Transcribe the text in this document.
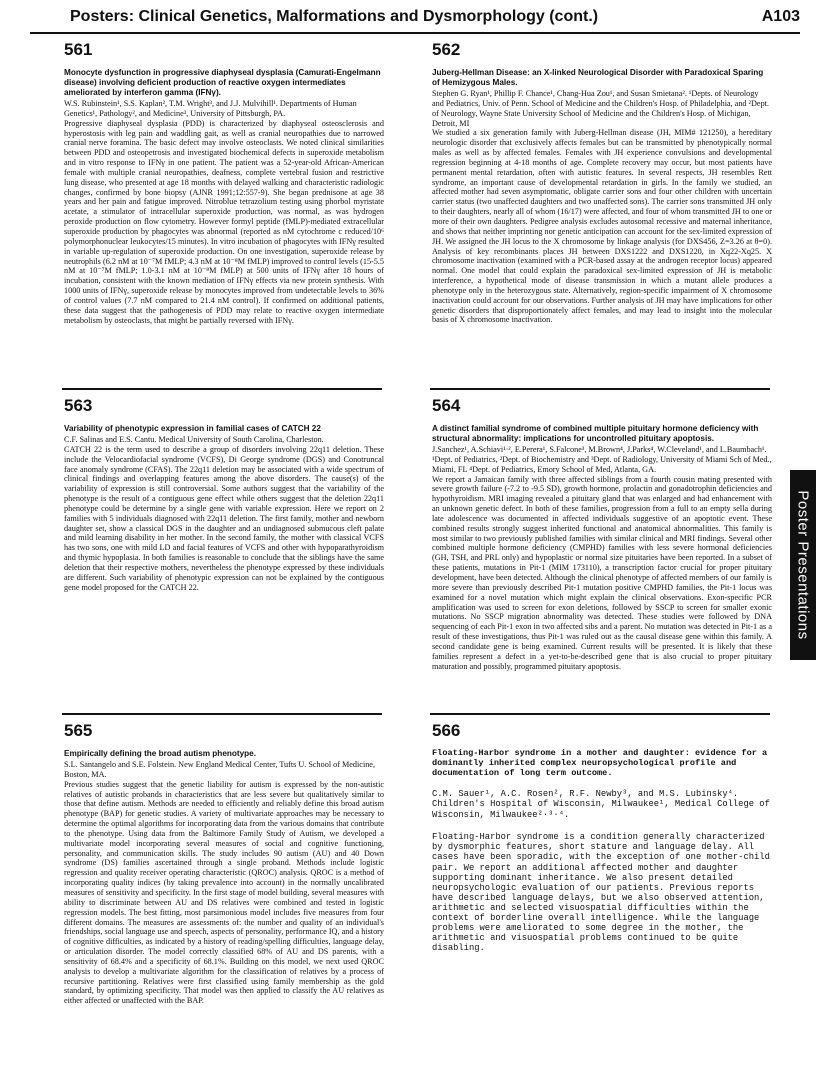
Posters: Clinical Genetics, Malformations and Dysmorphology (cont.)	A103
Poster Presentations
561

Monocyte dysfunction in progressive diaphyseal dysplasia (Camurati-Engelmann disease) involving deficient production of reactive oxygen intermediates ameliorated by interferon gamma (IFNγ).

W.S. Rubinstein¹, S.S. Kaplan², T.M. Wright³, and J.J. Mulvihill¹. Departments of Human Genetics¹, Pathology², and Medicine³, University of Pittsburgh, PA.

Progressive diaphyseal dysplasia (PDD) is characterized by diaphyseal osteosclerosis and hyperostosis with leg pain and waddling gait, as well as cranial neuropathies due to narrowed cranial nerve foramina. The basic defect may involve osteoclasts. We noted clinical similarities between PDD and osteopetrosis and investigated biochemical defects in superoxide metabolism and in vitro response to IFNγ in one patient. The patient was a 52-year-old African-American female with multiple cranial neuropathies, deafness, complete vertebral fusion and restrictive lung disease, who presented at age 18 months with delayed walking and characteristic radiologic changes, confirmed by bone biopsy (AJNR 1991;12:557-9). She began prednisone at age 38 years and her pain and fatigue improved. Nitroblue tetrazolium testing using phorbol myristate acetate, a stimulator of intracellular superoxide production, was normal, as was hydrogen peroxide production on flow cytometry. However formyl peptide (fMLP)-mediated extracellular superoxide production by phagocytes was abnormal (reported as nM cytochrome c reduced/10⁶ polymorphonuclear leukocytes/15 minutes). In vitro incubation of phagocytes with IFNγ resulted in variable up-regulation of superoxide production. On one investigation, superoxide release by neutrophils (6.2 nM at 10⁻⁷M fMLP; 4.3 nM at 10⁻⁸M fMLP) improved to control levels (15-5.5 nM at 10⁻⁷M fMLP; 1.0-3.1 nM at 10⁻⁸M fMLP) at 500 units of IFNγ after 18 hours of incubation, consistent with the known mediation of IFNγ effects via new protein synthesis. With 1000 units of IFNγ, superoxide release by monocytes improved from undetectable levels to 36% of control values (7.7 nM compared to 21.4 nM control). If confirmed on additional patients, these data suggest that the pathogenesis of PDD may relate to reactive oxygen intermediate metabolism by osteoclasts, that might be partially reversed with IFNγ.

562

Juberg-Hellman Disease: an X-linked Neurological Disorder with Paradoxical Sparing of Hemizygous Males.

Stephen G. Ryan¹, Phillip F. Chance¹, Chang-Hua Zou¹, and Susan Smietana². ¹Depts. of Neurology and Pediatrics, Univ. of Penn. School of Medicine and the Children's Hosp. of Philadelphia, and ²Dept. of Neurology, Wayne State University School of Medicine and the Children's Hosp. of Michigan, Detroit, MI

We studied a six generation family with Juberg-Hellman disease (JH, MIM# 121250), a hereditary neurologic disorder that exclusively affects females but can be transmitted by phenotypically normal males as well as by affected females. Females with JH experience convulsions and developmental regression beginning at 4-18 months of age. Complete recovery may occur, but most patients have permanent mental retardation, often with autistic features. In several respects, JH resembles Rett syndrome, an important cause of developmental retardation in girls. In the family we studied, an affected mother had seven asymptomatic, obligate carrier sons and four other children with uncertain carrier status (two unaffected daughters and two unaffected sons). The carrier sons transmitted JH only to their daughters, nearly all of whom (16/17) were affected, and four of whom transmitted JH to one or more of their own daughters. Pedigree analysis excludes autosomal recessive and maternal inheritance, and shows that neither imprinting nor genetic anticipation can account for the sex-limited expression of JH. We assigned the JH locus to the X chromosome by linkage analysis (for DXS456, Z=3.26 at θ=0). Analysis of key recombinants places JH between DXS1222 and DXS1220, in Xq22-Xq25. X chromosome inactivation (examined with a PCR-based assay at the androgen receptor locus) appeared normal. One model that could explain the paradoxical sex-limited expression of JH is metabolic interference, a hypothetical mode of disease transmission in which a mutant allele produces a phenotype only in the heterozygous state. Alternatively, region-specific impairment of X chromosome inactivation could account for our observations. Further analysis of JH may have implications for other genetic disorders that disproportionately affect females, and may lead to insight into the molecular basis of X chromosome inactivation.

563

Variability of phenotypic expression in familial cases of CATCH 22

C.F. Salinas and E.S. Cantu. Medical University of South Carolina, Charleston.

CATCH 22 is the term used to describe a group of disorders involving 22q11 deletion. These include the Velocardiofacial syndrome (VCFS), Di George syndrome (DGS) and Conotruncal face anomaly syndrome (CFAS). The 22q11 deletion may be associated with a wide spectrum of clinical findings and overlapping features among the above disorders. The cause(s) of the variability of expression is still controversial. Some authors suggest that the variability of the phenotype is the result of a contiguous gene effect while others suggest that the deletion 22q11 phenotype could be determine by a single gene with variable expression. Here we report on 2 families with 5 individuals diagnosed with 22q11 deletion. The first family, mother and newborn daughter set, show a classical DGS in the daughter and an undiagnosed submucous cleft palate and mild learning disability in her mother. In the second family, the mother with classical VCFS has two sons, one with mild LD and facial features of VCFS and other with hypoparathyroidism and thymic hypoplasia. In both families is reasonable to conclude that the siblings have the same deletion that their respective mothers, nevertheless the phenotype expressed by these individuals are different. Such variability of phenotypic expression can not be explained by the contiguous gene model proposed for the CATCH 22.

564

A distinct familial syndrome of combined multiple pituitary hormone deficiency with structural abnormality: implications for uncontrolled pituitary apoptosis.

J.Sanchez¹, A.Schiavi¹·², E.Perera¹, S.Falcone³, M.Brown⁴, J.Parks⁴, W.Cleveland¹, and L.Baumbach¹. ¹Dept. of Pediatrics, ²Dept. of Biochemistry and ³Dept. of Radiology, University of Miami Sch of Med., Miami, FL ⁴Dept. of Pediatrics, Emory School of Med, Atlanta, GA.

We report a Jamaican family with three affected siblings from a fourth cousin mating presented with severe growth failure (-7.2 to -9.5 SD), growth hormone, prolactin and gonadotrophin deficiencies and hypothyroidism. MRI imaging revealed a pituitary gland that was enlarged and had enhancement with an unknown genetic defect. In both of these families, progression from a full to an empty sella during late adolescence was documented in affected individuals suggestive of an apoptotic event. These combined results strongly suggest inherited functional and anatomical abnormalities. This family is most similar to two previously published families with similar clinical and MRI findings. Several other combined multiple hormone deficiency (CMPHD) families with less severe hormonal deficiencies (GH, TSH, and PRL only) and hypoplastic or normal size pituitaries have been reported. In a subset of these patients, mutations in Pit-1 (MIM 173110), a transcription factor crucial for proper pituitary development, have been detected. Although the clinical phenotype of affected members of our family is more severe than previously described Pit-1 mutation positive CMPHD families, the Pit-1 locus was examined for a novel mutation which might explain the clinical observations. Exon-specific PCR amplification was used to screen for exon deletions, followed by SSCP to screen for smaller exonic mutations. No SSCP migration abnormality was detected. These studies were followed by DNA sequencing of each Pit-1 exon in two affected sibs and a parent. No mutation was detected in Pit-1 as a result of these investigations, thus Pit-1 was ruled out as the causal disease gene within this family. A second candidate gene is being examined. Current results will be presented. It is likely that these families represent a defect in a yet-to-be-described gene that is also crucial to proper pituitary maturation and possibly, programmed pituitary apoptosis.

565

Empirically defining the broad autism phenotype.

S.L. Santangelo and S.E. Folstein. New England Medical Center, Tufts U. School of Medicine, Boston, MA.

Previous studies suggest that the genetic liability for autism is expressed by the non-autistic relatives of autistic probands in characteristics that are less severe but qualitatively similar to those that define autism. Methods are needed to efficiently and reliably define this broad autism phenotype (BAP) for genetic studies. A variety of multivariate approaches may be necessary to determine the optimal algorithms for incorporating data from the various domains that contribute to the phenotype. Using data from the Baltimore Family Study of Autism, we developed a multivariate model incorporating several measures of social and cognitive functioning, personality, and communication skills. The study includes 90 autism (AU) and 40 Down syndrome (DS) families ascertained through a single proband. Methods include logistic regression and quality receiver operating characteristic (QROC) analysis. QROC is a method of incorporating quality indices (by taking prevalence into account) in the normally uncalibrated measures of sensitivity and specificity. In the first stage of model building, several measures with ability to discriminate between AU and DS relatives were combined and tested in logistic regression models. The best fitting, most parsimonious model includes five measures from four different domains. The measures are assessments of: the number and quality of an individual's friendships, social language use and speech, aspects of personality, performance IQ, and a history of cognitive difficulties, as indicated by a history of reading/spelling difficulties, language delay, or articulation disorder. The model correctly classified 68% of AU and DS parents, with a sensitivity of 68.4% and a specificity of 68.1%. Building on this model, we next used QROC analysis to develop a multivariate algorithm for the classification of relatives by a process of recursive partitioning. Relatives were first classified using family membership as the gold standard, by optimizing specificity. That model was then applied to classify the AU relatives as either affected or unaffected with the BAP.

566

Floating-Harbor syndrome in a mother and daughter: evidence for a dominantly inherited complex neuropsychological profile and documentation of long term outcome.

C.M. Sauer¹, A.C. Rosen², R.F. Newby³, and M.S. Lubinsky⁴. Children's Hospital of Wisconsin, Milwaukee¹, Medical College of Wisconsin, Milwaukee²·³·⁴.

Floating-Harbor syndrome is a condition generally characterized by dysmorphic features, short stature and language delay. All cases have been sporadic, with the exception of one mother-child pair. We report an additional affected mother and daughter supporting dominant inheritance. We also present detailed neuropsychologic evaluation of our patients. Previous reports have described language delays, but we also observed attention, arithmetic and selected visuospatial difficulties within the context of borderline overall intelligence. While the language problems were ameliorated to some degree in the mother, the arithmetic and visuospatial problems continued to be quite disabling.
